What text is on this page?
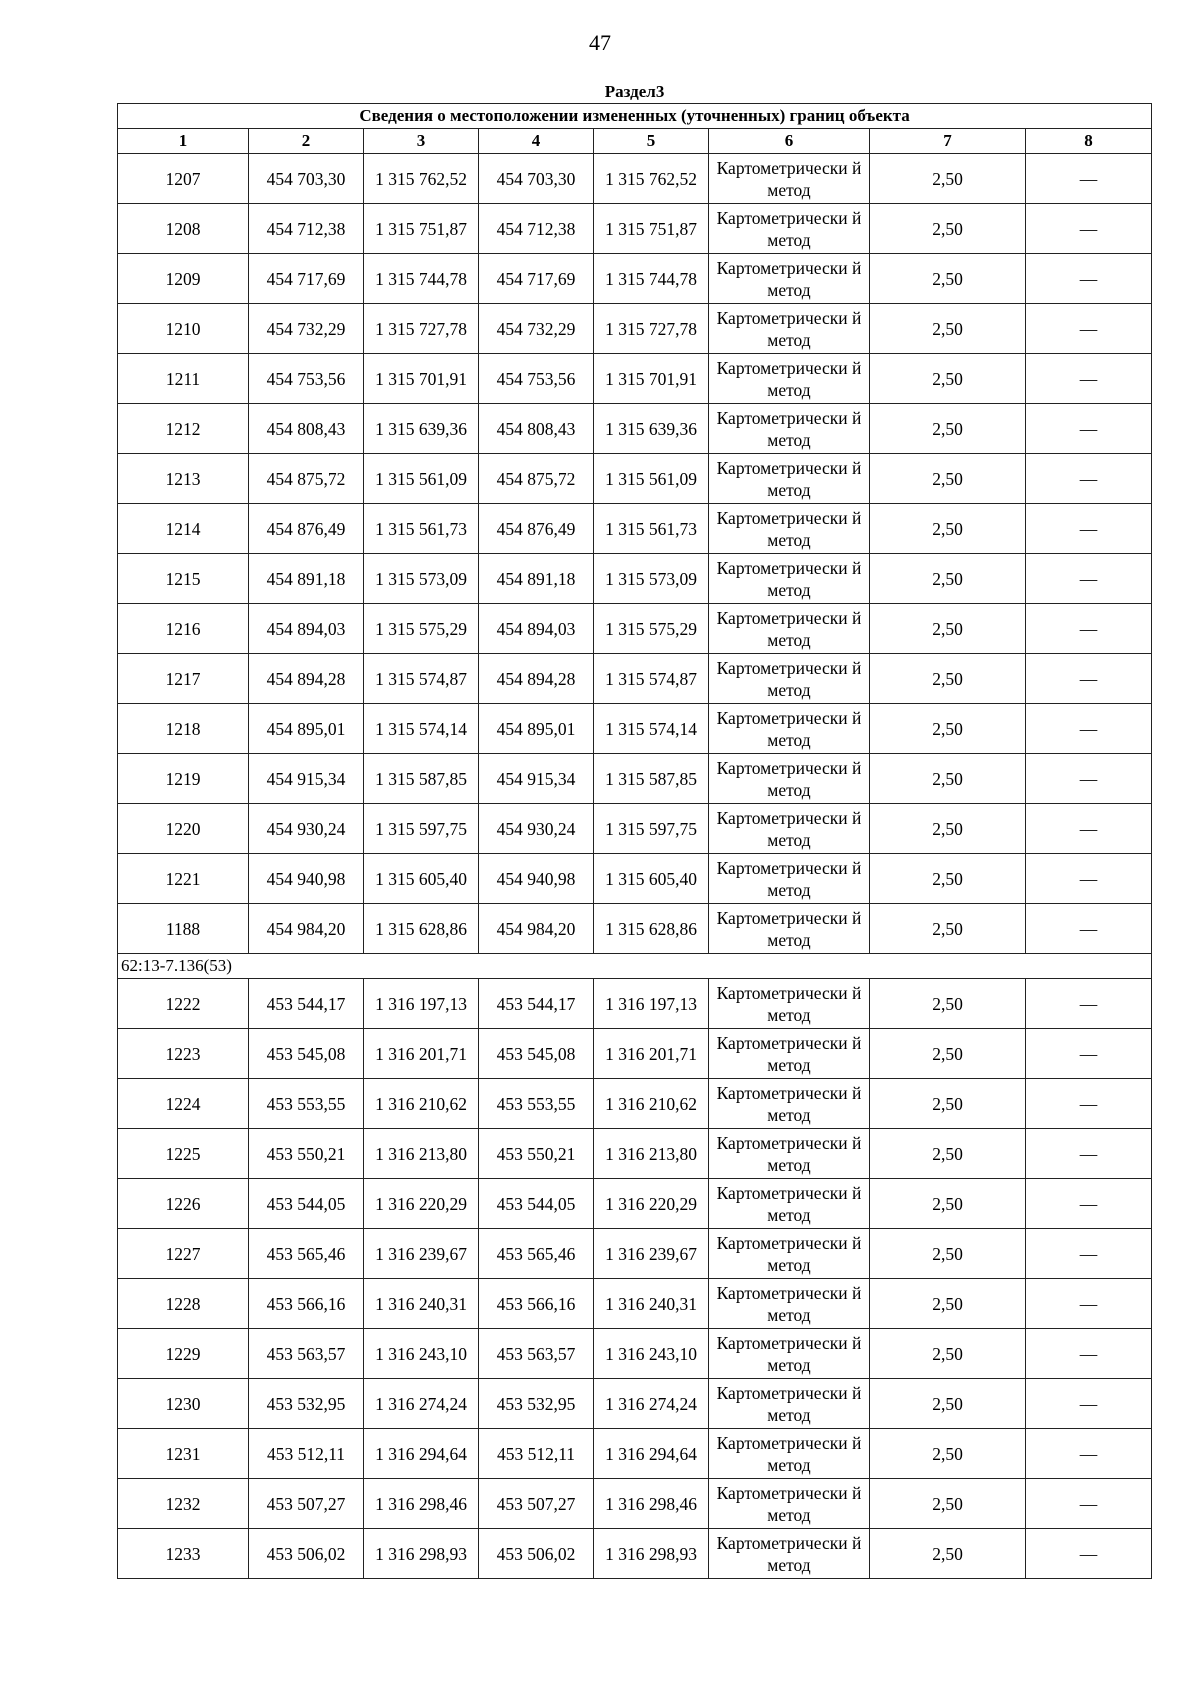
47
Раздел3							
Сведения о местоположении измененных (уточненных) границ объекта							
1	2	3	4	5	6	7	8
1207	454 703,30	1 315 762,52	454 703,30	1 315 762,52	Картометрически й метод	2,50	—
1208	454 712,38	1 315 751,87	454 712,38	1 315 751,87	Картометрически й метод	2,50	—
1209	454 717,69	1 315 744,78	454 717,69	1 315 744,78	Картометрически й метод	2,50	—
1210	454 732,29	1 315 727,78	454 732,29	1 315 727,78	Картометрически й метод	2,50	—
1211	454 753,56	1 315 701,91	454 753,56	1 315 701,91	Картометрически й метод	2,50	—
1212	454 808,43	1 315 639,36	454 808,43	1 315 639,36	Картометрически й метод	2,50	—
1213	454 875,72	1 315 561,09	454 875,72	1 315 561,09	Картометрически й метод	2,50	—
1214	454 876,49	1 315 561,73	454 876,49	1 315 561,73	Картометрически й метод	2,50	—
1215	454 891,18	1 315 573,09	454 891,18	1 315 573,09	Картометрически й метод	2,50	—
1216	454 894,03	1 315 575,29	454 894,03	1 315 575,29	Картометрически й метод	2,50	—
1217	454 894,28	1 315 574,87	454 894,28	1 315 574,87	Картометрически й метод	2,50	—
1218	454 895,01	1 315 574,14	454 895,01	1 315 574,14	Картометрически й метод	2,50	—
1219	454 915,34	1 315 587,85	454 915,34	1 315 587,85	Картометрически й метод	2,50	—
1220	454 930,24	1 315 597,75	454 930,24	1 315 597,75	Картометрически й метод	2,50	—
1221	454 940,98	1 315 605,40	454 940,98	1 315 605,40	Картометрически й метод	2,50	—
1188	454 984,20	1 315 628,86	454 984,20	1 315 628,86	Картометрически й метод	2,50	—
62:13-7.136(53)							
1222	453 544,17	1 316 197,13	453 544,17	1 316 197,13	Картометрически й метод	2,50	—
1223	453 545,08	1 316 201,71	453 545,08	1 316 201,71	Картометрически й метод	2,50	—
1224	453 553,55	1 316 210,62	453 553,55	1 316 210,62	Картометрически й метод	2,50	—
1225	453 550,21	1 316 213,80	453 550,21	1 316 213,80	Картометрически й метод	2,50	—
1226	453 544,05	1 316 220,29	453 544,05	1 316 220,29	Картометрически й метод	2,50	—
1227	453 565,46	1 316 239,67	453 565,46	1 316 239,67	Картометрически й метод	2,50	—
1228	453 566,16	1 316 240,31	453 566,16	1 316 240,31	Картометрически й метод	2,50	—
1229	453 563,57	1 316 243,10	453 563,57	1 316 243,10	Картометрически й метод	2,50	—
1230	453 532,95	1 316 274,24	453 532,95	1 316 274,24	Картометрически й метод	2,50	—
1231	453 512,11	1 316 294,64	453 512,11	1 316 294,64	Картометрически й метод	2,50	—
1232	453 507,27	1 316 298,46	453 507,27	1 316 298,46	Картометрически й метод	2,50	—
1233	453 506,02	1 316 298,93	453 506,02	1 316 298,93	Картометрически й метод	2,50	—
